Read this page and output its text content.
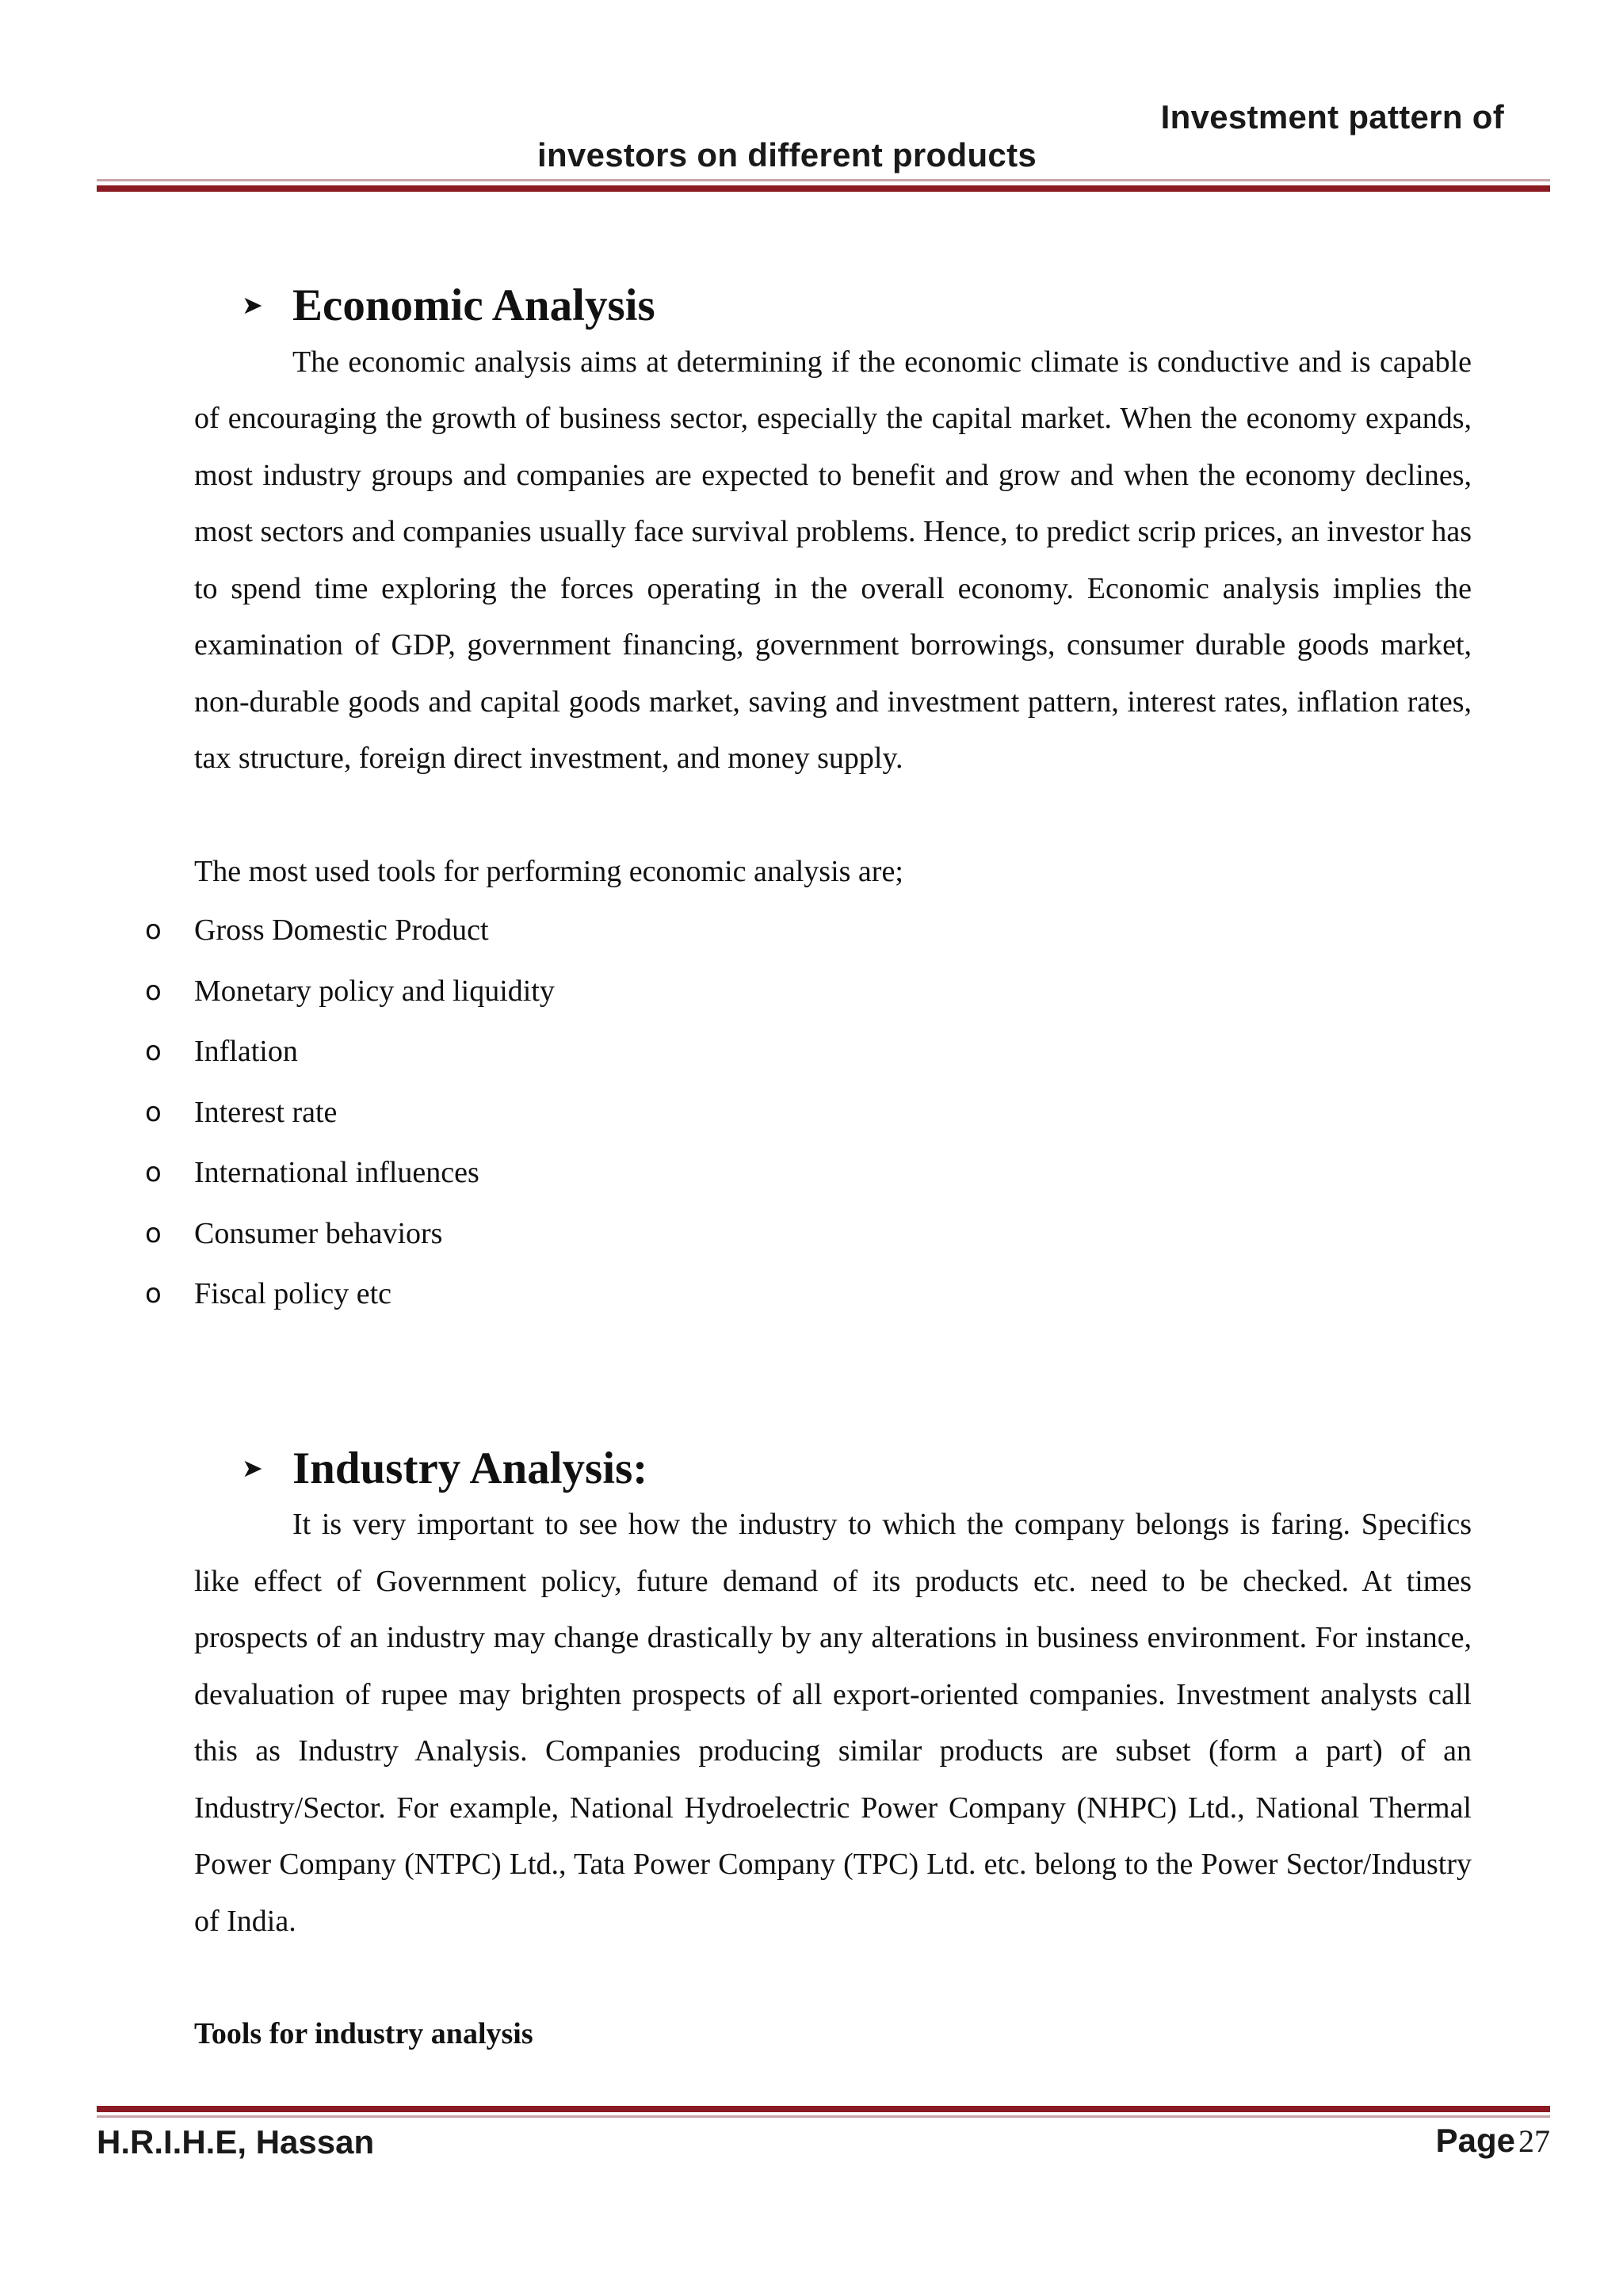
Investment pattern of
investors on different products
➤ Economic Analysis

The economic analysis aims at determining if the economic climate is conductive and is capable of encouraging the growth of business sector, especially the capital market. When the economy expands, most industry groups and companies are expected to benefit and grow and when the economy declines, most sectors and companies usually face survival problems. Hence, to predict scrip prices, an investor has to spend time exploring the forces operating in the overall economy. Economic analysis implies the examination of GDP, government financing, government borrowings, consumer durable goods market, non-durable goods and capital goods market, saving and investment pattern, interest rates, inflation rates, tax structure, foreign direct investment, and money supply.

The most used tools for performing economic analysis are;

o Gross Domestic Product
o Monetary policy and liquidity
o Inflation
o Interest rate
o International influences
o Consumer behaviors
o Fiscal policy etc
➤ Industry Analysis:

It is very important to see how the industry to which the company belongs is faring. Specifics like effect of Government policy, future demand of its products etc. need to be checked. At times prospects of an industry may change drastically by any alterations in business environment. For instance, devaluation of rupee may brighten prospects of all export-oriented companies. Investment analysts call this as Industry Analysis. Companies producing similar products are subset (form a part) of an Industry/Sector. For example, National Hydroelectric Power Company (NHPC) Ltd., National Thermal Power Company (NTPC) Ltd., Tata Power Company (TPC) Ltd. etc. belong to the Power Sector/Industry of India.

Tools for industry analysis

H.R.I.H.E, Hassan	Page 27
